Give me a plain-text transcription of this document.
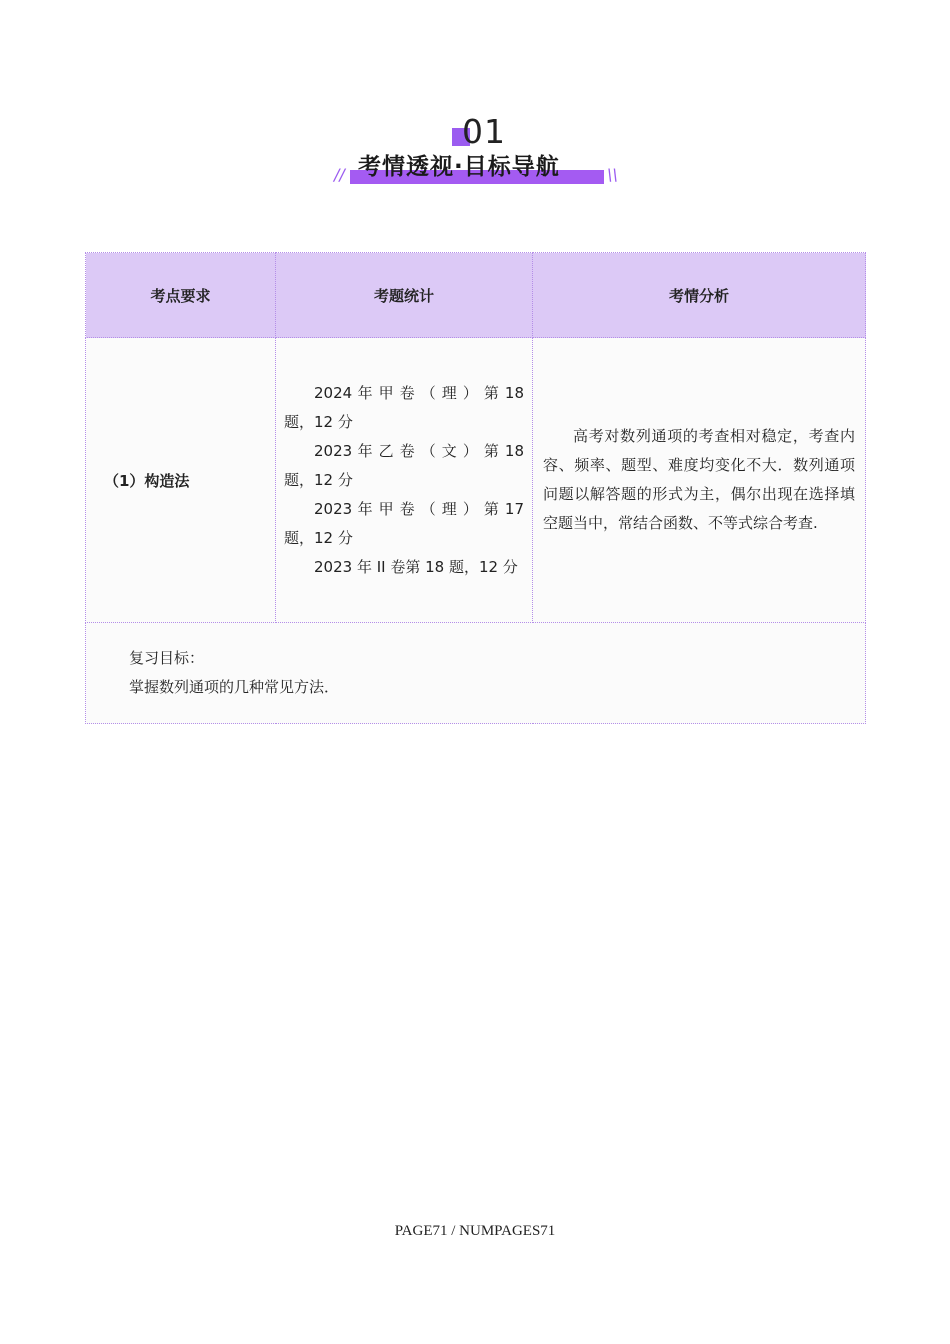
01
// 考情透视·目标导航	\\
考点要求	考题统计	考情分析
（1）构造法	2024 年 甲 卷 （ 理 ） 第 18 题，12 分

2023 年 乙 卷 （ 文 ） 第 18 题，12 分

2023 年 甲 卷 （ 理 ） 第 17 题，12 分

2023 年 II 卷第 18 题，12 分	高考对数列通项的考查相对稳定，考查内容、频率、题型、难度均变化不大．数列通项问题以解答题的形式为主，偶尔出现在选择填空题当中，常结合函数、不等式综合考查.

复习目标：
掌握数列通项的几种常见方法．		
PAGE71 / NUMPAGES71
